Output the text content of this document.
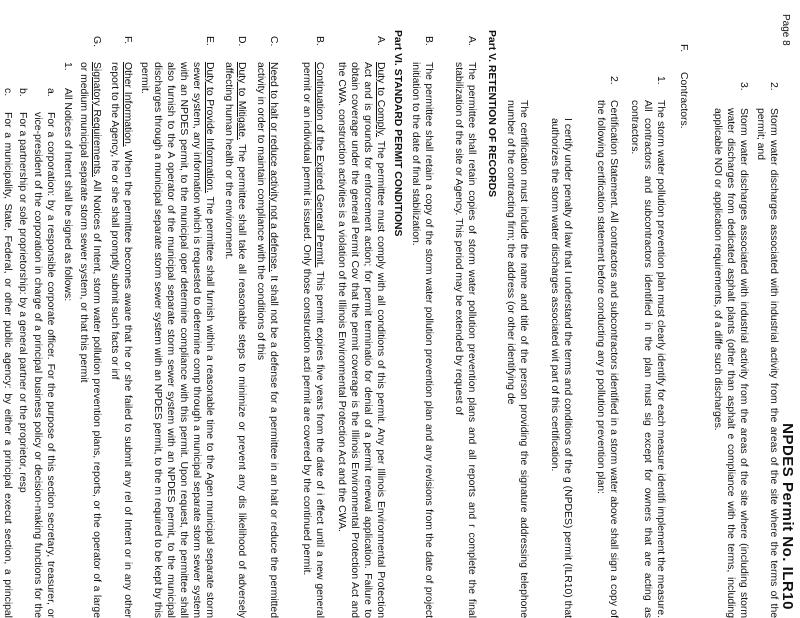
Page 8
NPDES Permit No. ILR10
2.
Storm water discharges associated with industrial activity from the areas of the site where the terms of the permit; and
3.
Storm water discharges associated with industrial activity from the areas of the site where (including storm water discharges from dedicated asphalt plants (other than asphalt e compliance with the terms, including applicable NOI or application requirements, of a diffe such discharges.
F.
Contractors.
1.
The storm water pollution prevention plan must clearly identify for each measure identifi implement the measure. All contractors and subcontractors identified in the plan must sig except for owners that are acting as contractors.
2.
Certification Statement. All contractors and subcontractors identified in a storm water above shall sign a copy of the following certification statement before conducting any p pollution prevention plan:
I certify under penalty of law that I understand the terms and conditions of the g (NPDES) permit (ILR10) that authorizes the storm water discharges associated wit part of this certification.
The certification must include the name and title of the person providing the signature addressing telephone number of the contracting firm; the address (or other identifying de
Part V. RETENTION OF RECORDS
A.
The permittee shall retain copies of storm water pollution prevention plans and all reports and r complete the final stabilization of the site or Agency. This period may be extended by request of
B.
The permittee shall retain a copy of the storm water pollution prevention plan and any revisions from the date of project initiation to the date of final stabilization.
Part VI. STANDARD PERMIT CONDITIONS
A.
Duty to Comply. The permittee must comply with all conditions of this permit. Any per Illinois Environmental Protection Act and is grounds for enforcement action; for permit terminatio for denial of a permit renewal application. Failure to obtain coverage under the general Permit Cov that the permit coverage is the Illinois Environmental Protection Act and the CWA. construction activities is a violation of the Illinois Environmental Protection Act and the CWA.
B.
Continuation of the Expired General Permit. This permit expires five years from the date of i effect until a new general permit or an individual permit is issued. Only those construction acti permit are covered by the continued permit.
C.
Need to halt or reduce activity not a defense. It shall not be a defense for a permittee in an halt or reduce the permitted activity in order to maintain compliance with the conditions of this
D.
Duty to Mitigate. The permittee shall take all reasonable steps to minimize or prevent any dis likelihood of adversely affecting human health or the environment.
E.
Duty to Provide Information. The permittee shall furnish within a reasonable time to the Agen municipal separate storm sewer system, any information which is requested to determine comp through a municipal separate storm sewer system with an NPDES permit, to the municipal oper determine compliance with this permit. Upon request, the permittee shall also furnish to the A operator of the municipal separate storm sewer system with an NPDES permit, to the municipal discharges through a municipal separate storm sewer system with an NPDES permit, to the m required to be kept by this permit.
F.
Other Information. When the permittee becomes aware that he or she failed to submit any rel of Intent or in any other report to the Agency, he or she shall promptly submit such facts or inf
G.
Signatory Requirements. All Notices of Intent, storm water pollution prevention plans, reports, or the operator of a large or medium municipal separate storm sewer system, or that this permit
1.
All Notices of Intent shall be signed as follows:
a.
For a corporation: by a responsible corporate officer. For the purpose of this section secretary, treasurer, or vice-president of the corporation in charge of a principal business policy or decision-making functions for the
b.
For a partnership or sole proprietorship: by a general partner or the proprietor, resp
c.
For a municipality, State, Federal, or other public agency: by either a principal execut section, a principal
